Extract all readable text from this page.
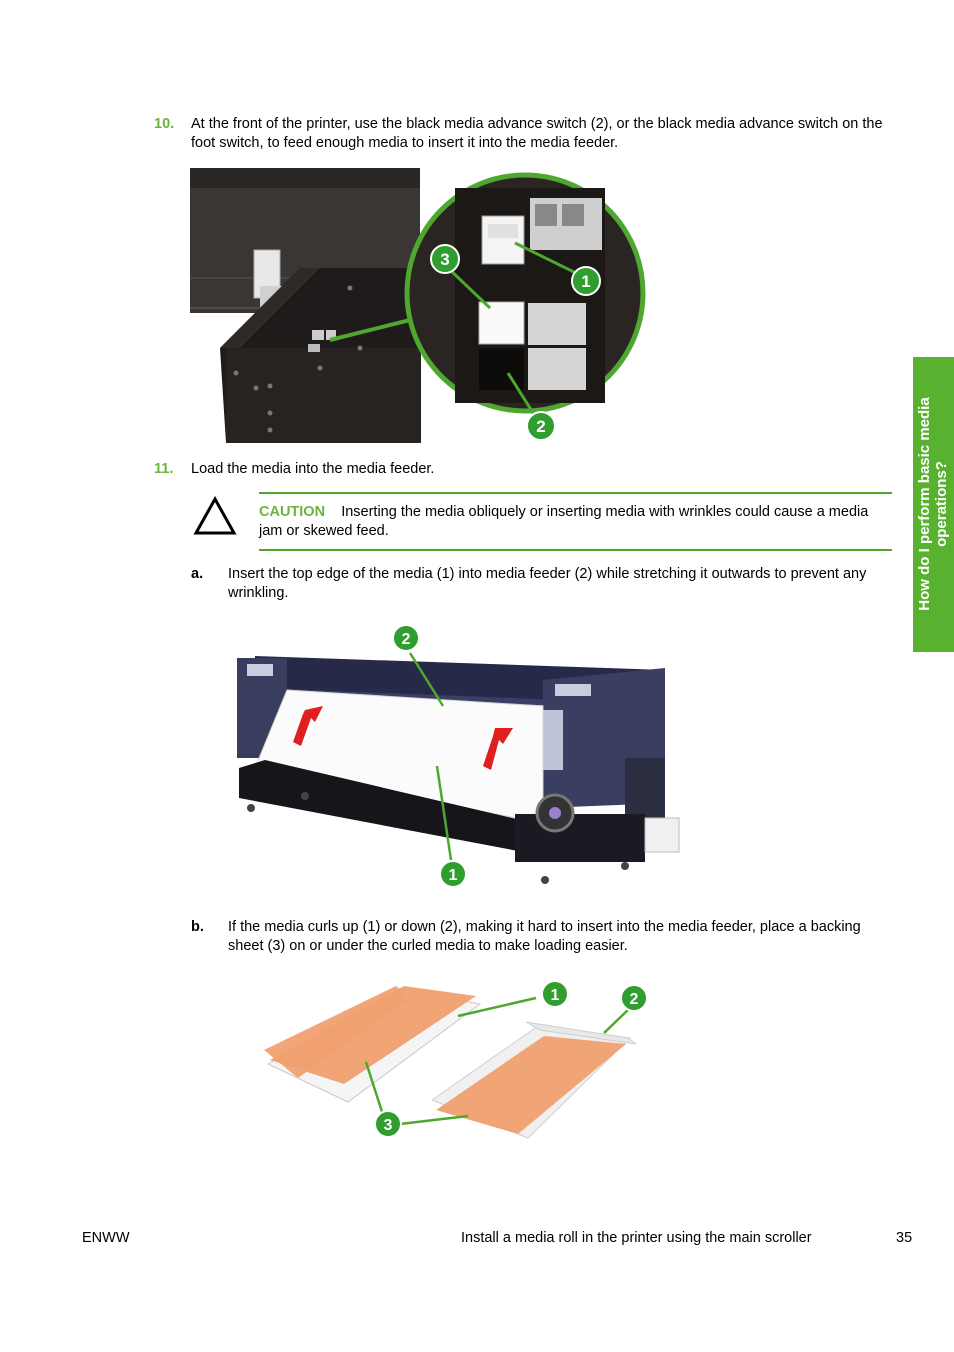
10. At the front of the printer, use the black media advance switch (2), or the black media advance switch on the foot switch, to feed enough media to insert it into the media feeder.
1
2
3
11. Load the media into the media feeder.
CAUTION Inserting the media obliquely or inserting media with wrinkles could cause a media jam or skewed feed.
a. Insert the top edge of the media (1) into media feeder (2) while stretching it outwards to prevent any wrinkling.
2
1
b. If the media curls up (1) or down (2), making it hard to insert into the media feeder, place a backing sheet (3) on or under the curled media to make loading easier.
1	2
3
How do I perform basic media operations?
ENWW	Install a media roll in the printer using the main scroller	35
